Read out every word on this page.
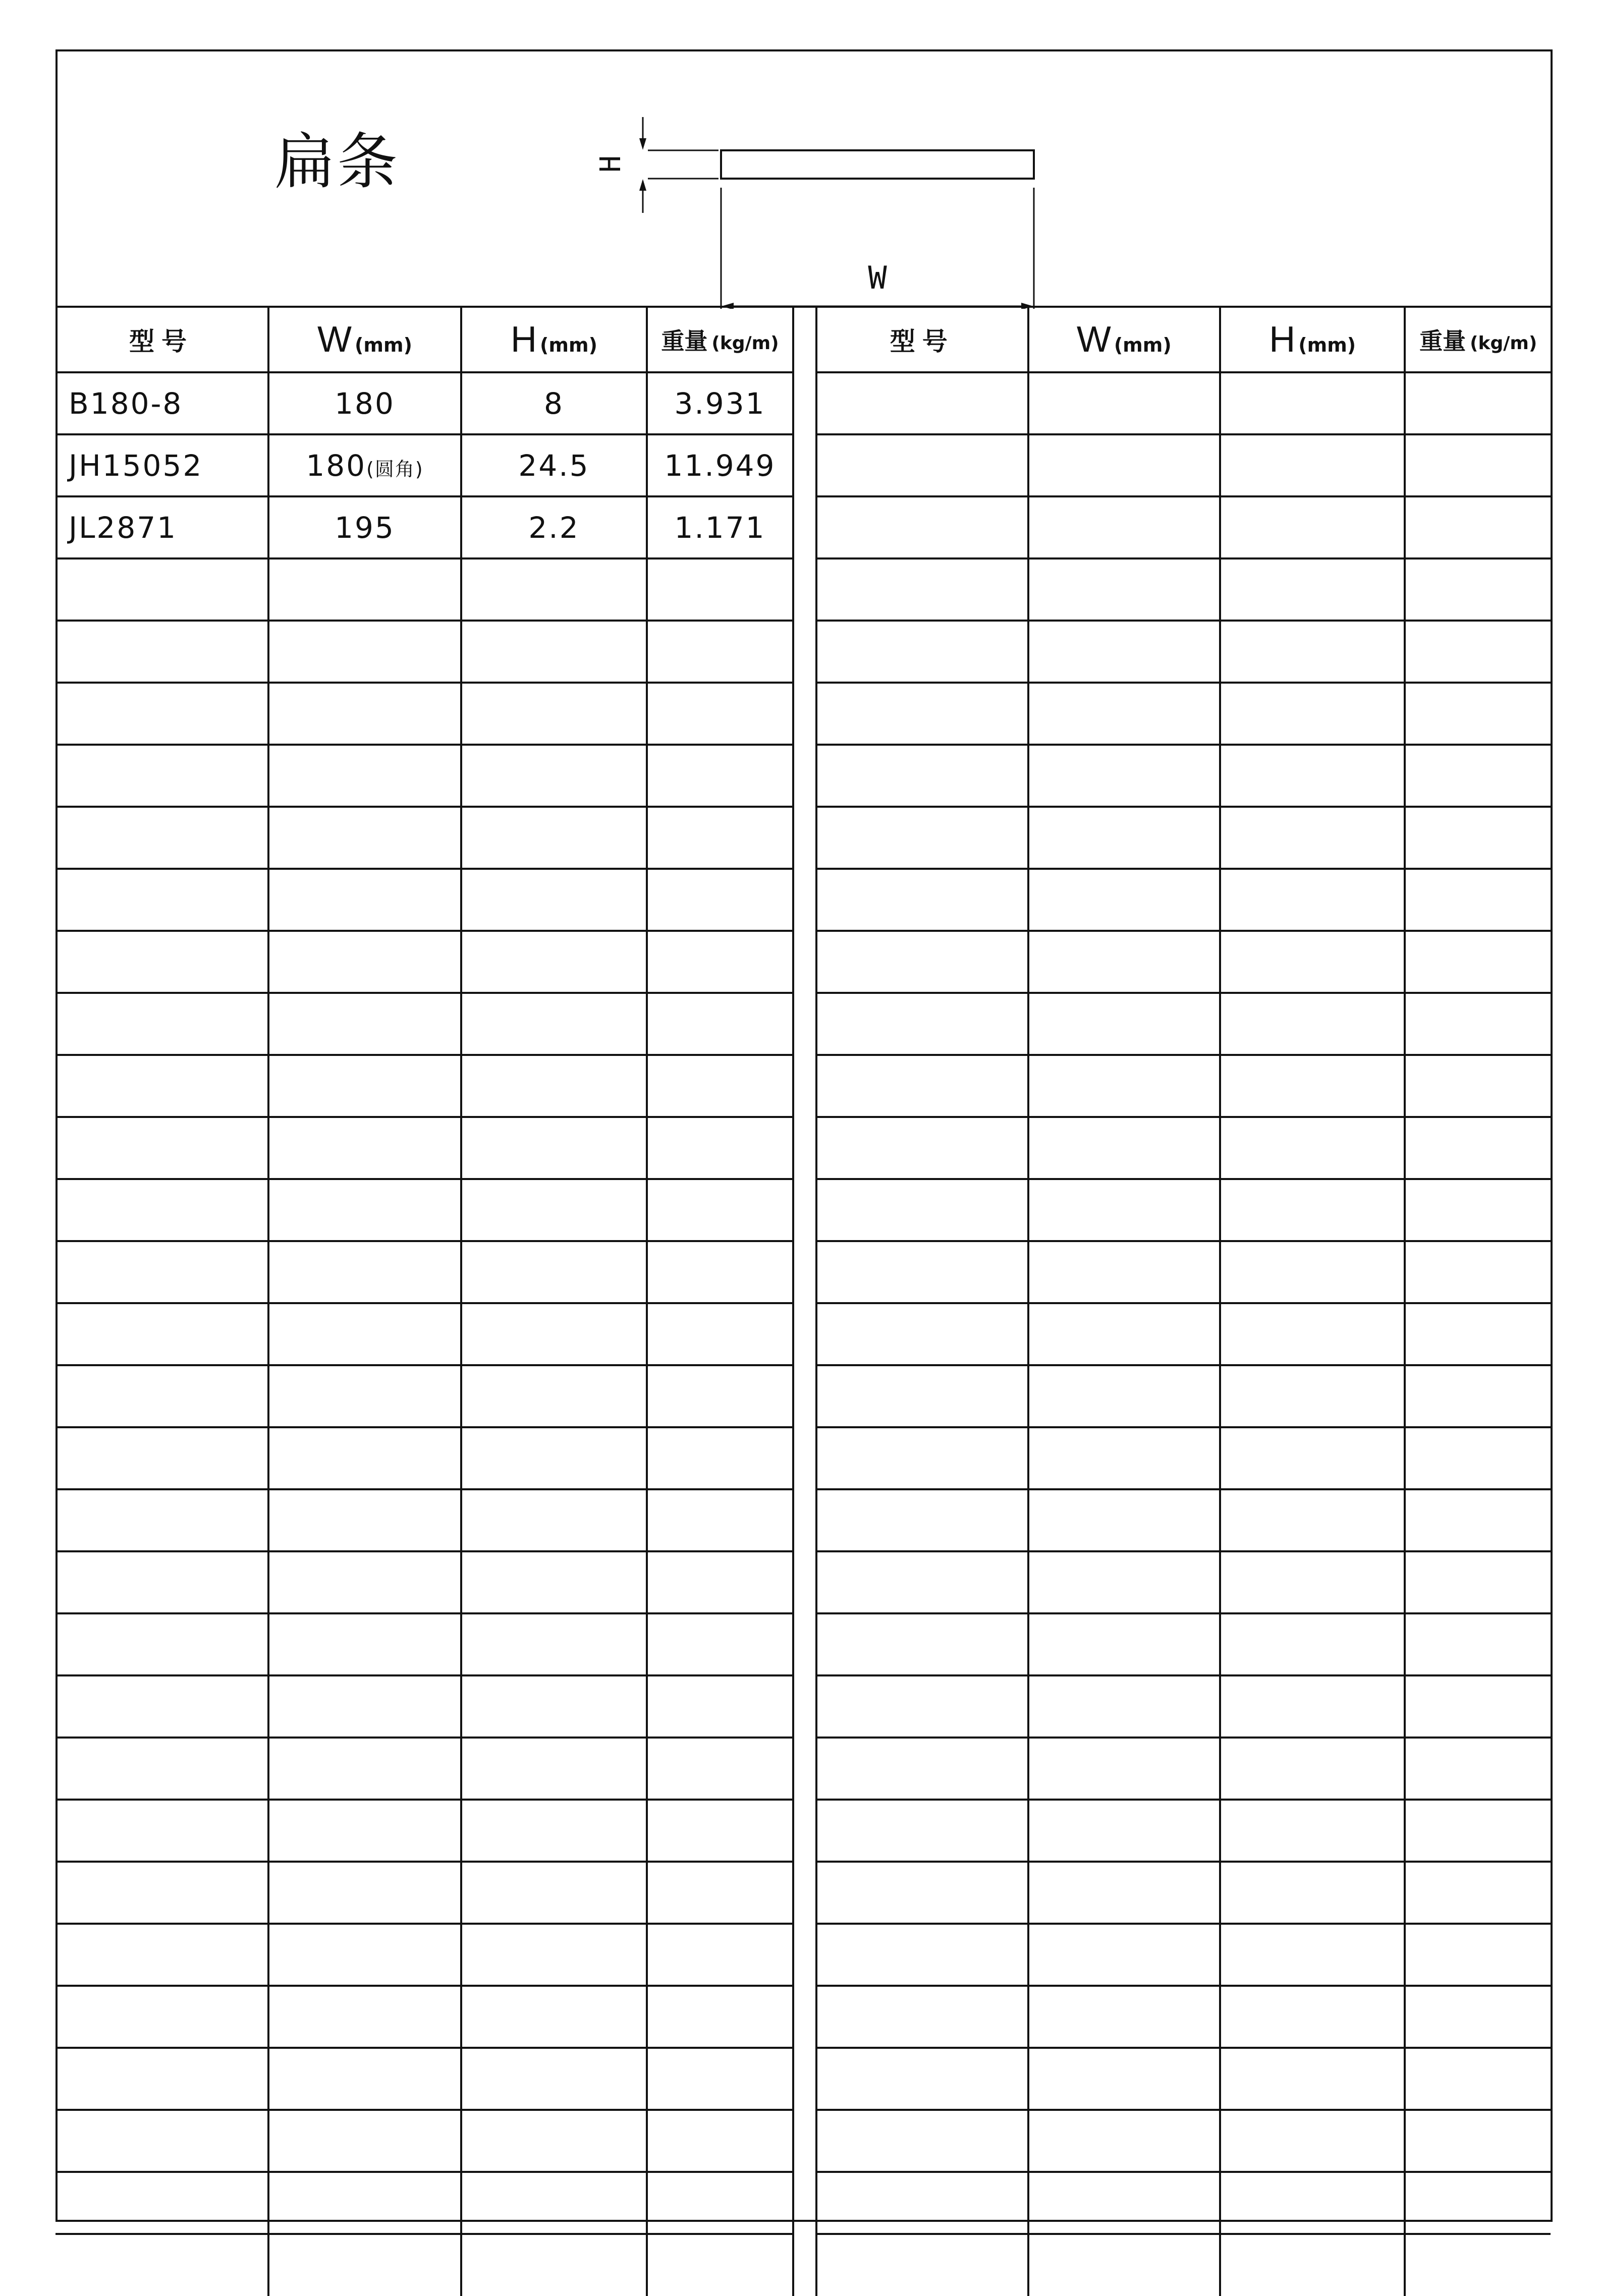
扁条	H
W
型号	W (mm)	H (mm)	重量 (kg/m)
B180-8	180	8	3.931
JH15052	180(圆角)	24.5	11.949
JL2871	195	2.2	1.171

型号	W (mm)	H (mm)	重量 (kg/m)
